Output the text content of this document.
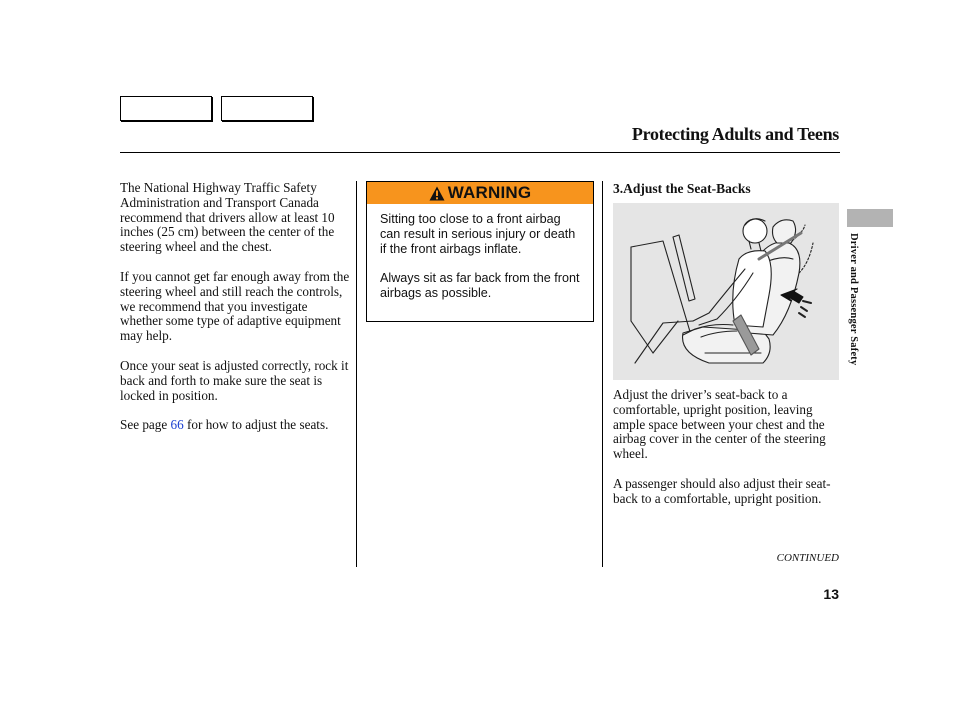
Protecting Adults and Teens

The National Highway Traffic Safety Administration and Transport Canada recommend that drivers allow at least 10 inches (25 cm) between the center of the steering wheel and the chest.

If you cannot get far enough away from the steering wheel and still reach the controls, we recommend that you investigate whether some type of adaptive equipment may help.

Once your seat is adjusted correctly, rock it back and forth to make sure the seat is locked in position.

See page 66 for how to adjust the seats.

WARNING

Sitting too close to a front airbag can result in serious injury or death if the front airbags inflate.

Always sit as far back from the front airbags as possible.

3.Adjust the Seat-Backs

Adjust the driver’s seat-back to a comfortable, upright position, leaving ample space between your chest and the airbag cover in the center of the steering wheel.

A passenger should also adjust their seat-back to a comfortable, upright position.

CONTINUED
13
Driver and Passenger Safety
